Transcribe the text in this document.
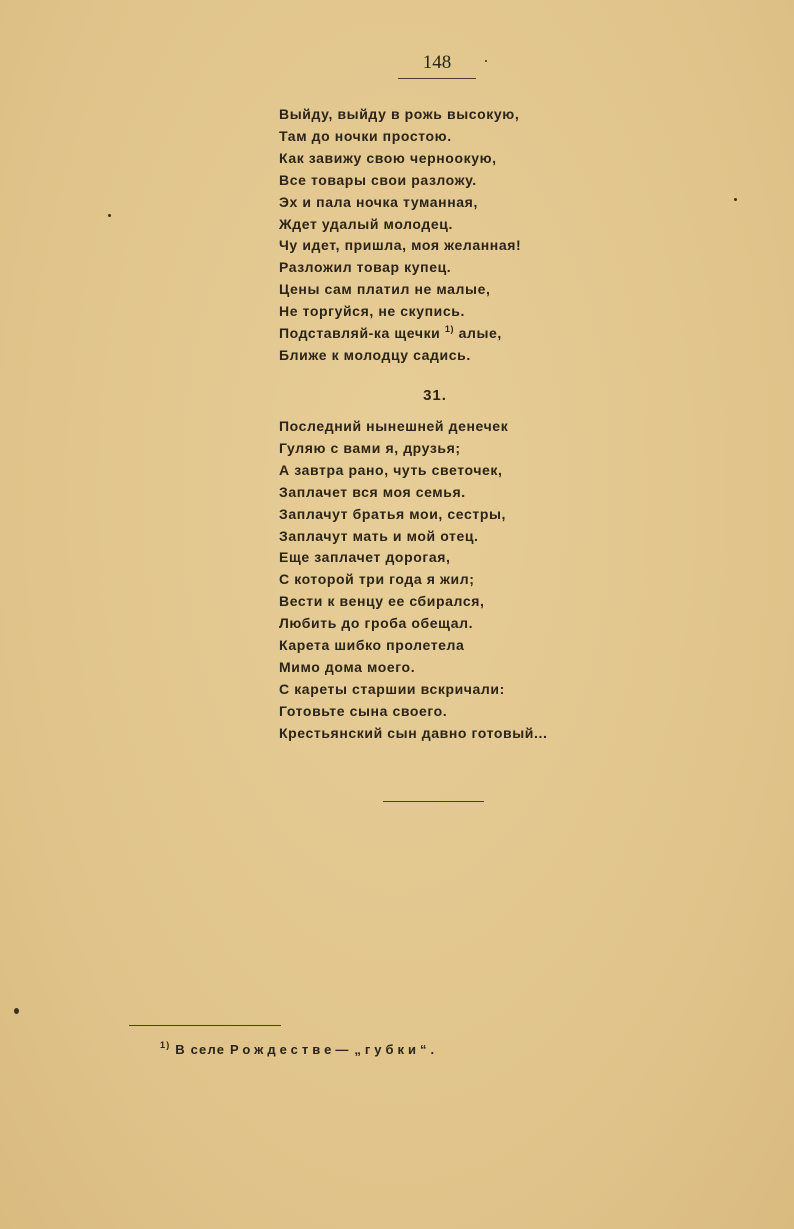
148
Выйду, выйду в рожь высокую,
Там до ночки простою.
Как завижу свою черноокую,
Все товары свои разложу.
Эх и пала ночка туманная,
Ждет удалый молодец.
Чу идет, пришла, моя желанная!
Разложил товар купец.
Цены сам платил не малые,
Не торгуйся, не скупись.
Подставляй-ка щечки $^{1)}$ алые,
Ближе к молодцу садись.
31.
Последний нынешней денечек
Гуляю с вами я, друзья;
А завтра рано, чуть светочек,
Заплачет вся моя семья.
Заплачут братья мои, сестры,
Заплачут мать и мой отец.
Еще заплачет дорогая,
С которой три года я жил;
Вести к венцу ее сбирался,
Любить до гроба обещал.
Карета шибко пролетела
Мимо дома моего.
С кареты старшии вскричали:
Готовьте сына своего.
Крестьянский сын давно готовый...
$^{1)}$ В селе Рождестве— „губки“.
